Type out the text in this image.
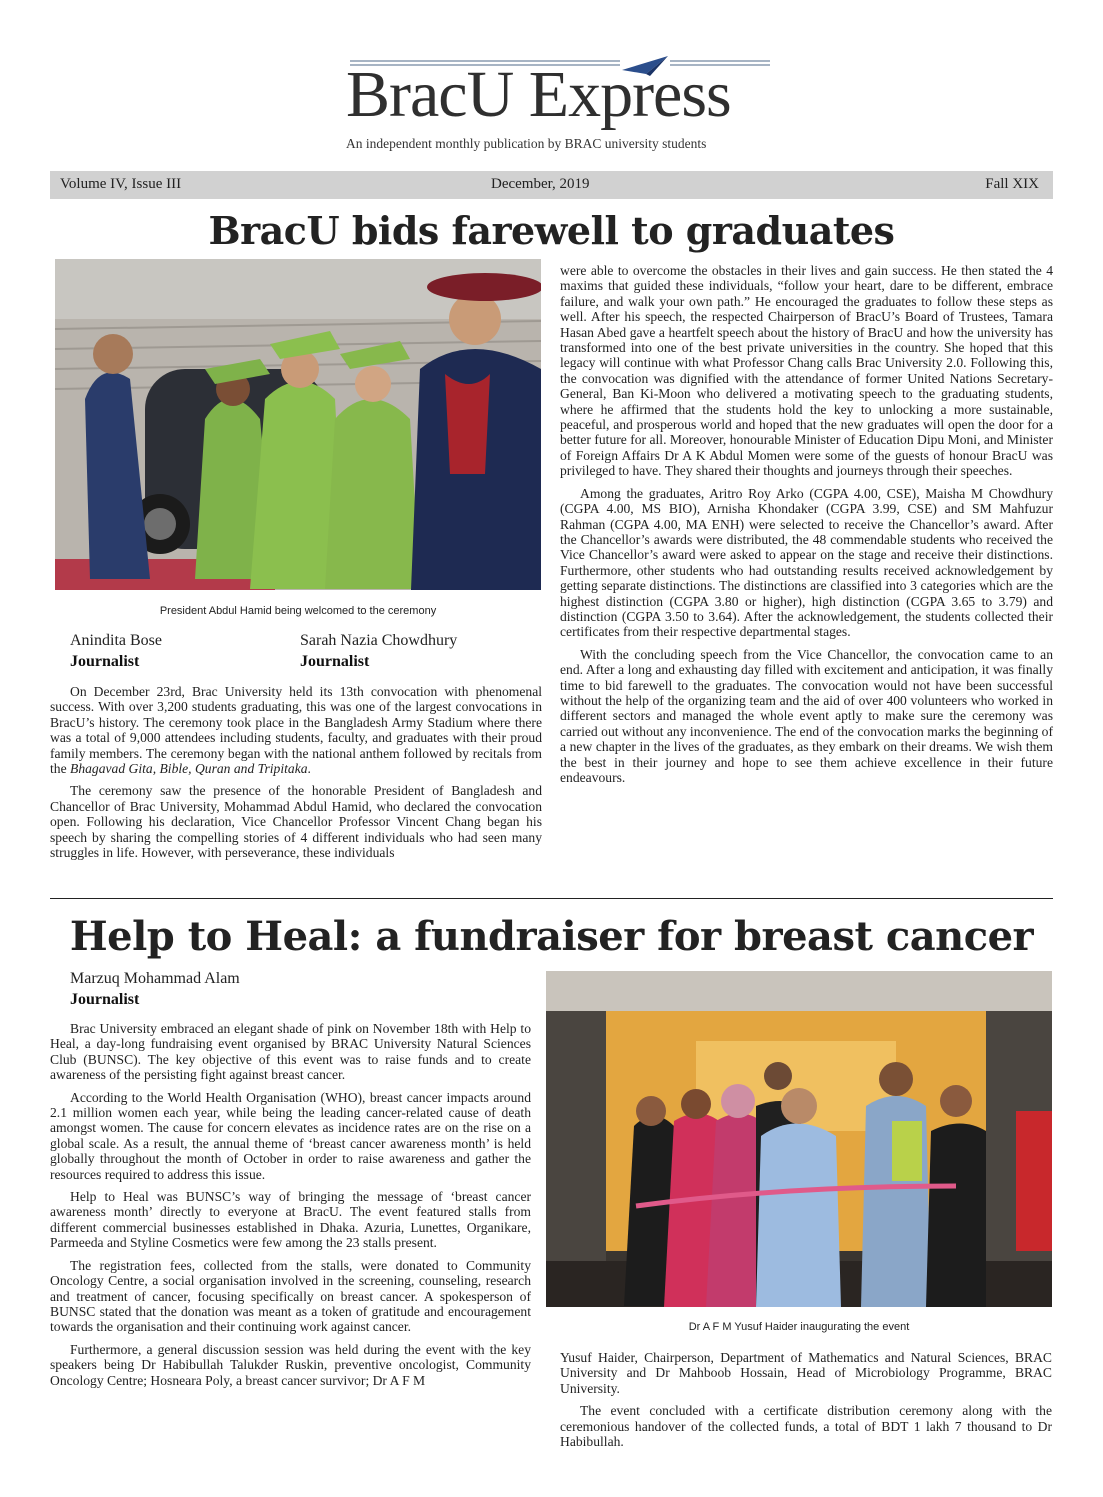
BracU Express
An independent monthly publication by BRAC university students
Volume IV, Issue III	December, 2019	Fall XIX
BracU bids farewell to graduates
President Abdul Hamid being welcomed to the ceremony
Anindita Bose
Journalist
Sarah Nazia Chowdhury
Journalist

On December 23rd, Brac University held its 13th convocation with phenomenal success. With over 3,200 students graduating, this was one of the largest convocations in BracU’s history. The ceremony took place in the Bangladesh Army Stadium where there was a total of 9,000 attendees including students, faculty, and graduates with their proud family members. The ceremony began with the national anthem followed by recitals from the Bhagavad Gita, Bible, Quran and Tripitaka.

The ceremony saw the presence of the honorable President of Bangladesh and Chancellor of Brac University, Mohammad Abdul Hamid, who declared the convocation open. Following his declaration, Vice Chancellor Professor Vincent Chang began his speech by sharing the compelling stories of 4 different individuals who had seen many struggles in life. However, with perseverance, these individuals

were able to overcome the obstacles in their lives and gain success. He then stated the 4 maxims that guided these individuals, “follow your heart, dare to be different, embrace failure, and walk your own path.” He encouraged the graduates to follow these steps as well. After his speech, the respected Chairperson of BracU’s Board of Trustees, Tamara Hasan Abed gave a heartfelt speech about the history of BracU and how the university has transformed into one of the best private universities in the country. She hoped that this legacy will continue with what Professor Chang calls Brac University 2.0. Following this, the convocation was dignified with the attendance of former United Nations Secretary-General, Ban Ki-Moon who delivered a motivating speech to the graduating students, where he affirmed that the students hold the key to unlocking a more sustainable, peaceful, and prosperous world and hoped that the new graduates will open the door for a better future for all. Moreover, honourable Minister of Education Dipu Moni, and Minister of Foreign Affairs Dr A K Abdul Momen were some of the guests of honour BracU was privileged to have. They shared their thoughts and journeys through their speeches.

Among the graduates, Aritro Roy Arko (CGPA 4.00, CSE), Maisha M Chowdhury (CGPA 4.00, MS BIO), Arnisha Khondaker (CGPA 3.99, CSE) and SM Mahfuzur Rahman (CGPA 4.00, MA ENH) were selected to receive the Chancellor’s award. After the Chancellor’s awards were distributed, the 48 commendable students who received the Vice Chancellor’s award were asked to appear on the stage and receive their distinctions. Furthermore, other students who had outstanding results received acknowledgement by getting separate distinctions. The distinctions are classified into 3 categories which are the highest distinction (CGPA 3.80 or higher), high distinction (CGPA 3.65 to 3.79) and distinction (CGPA 3.50 to 3.64). After the acknowledgement, the students collected their certificates from their respective departmental stages.

With the concluding speech from the Vice Chancellor, the convocation came to an end. After a long and exhausting day filled with excitement and anticipation, it was finally time to bid farewell to the graduates. The convocation would not have been successful without the help of the organizing team and the aid of over 400 volunteers who worked in different sectors and managed the whole event aptly to make sure the ceremony was carried out without any inconvenience. The end of the convocation marks the beginning of a new chapter in the lives of the graduates, as they embark on their dreams. We wish them the best in their journey and hope to see them achieve excellence in their future endeavours.

Help to Heal: a fundraiser for breast cancer
Marzuq Mohammad Alam
Journalist

Brac University embraced an elegant shade of pink on November 18th with Help to Heal, a day-long fundraising event organised by BRAC University Natural Sciences Club (BUNSC). The key objective of this event was to raise funds and to create awareness of the persisting fight against breast cancer.

According to the World Health Organisation (WHO), breast cancer impacts around 2.1 million women each year, while being the leading cancer-related cause of death amongst women. The cause for concern elevates as incidence rates are on the rise on a global scale. As a result, the annual theme of ‘breast cancer awareness month’ is held globally throughout the month of October in order to raise awareness and gather the resources required to address this issue.

Help to Heal was BUNSC’s way of bringing the message of ‘breast cancer awareness month’ directly to everyone at BracU. The event featured stalls from different commercial businesses established in Dhaka. Azuria, Lunettes, Organikare, Parmeeda and Styline Cosmetics were few among the 23 stalls present.

The registration fees, collected from the stalls, were donated to Community Oncology Centre, a social organisation involved in the screening, counseling, research and treatment of cancer, focusing specifically on breast cancer. A spokesperson of BUNSC stated that the donation was meant as a token of gratitude and encouragement towards the organisation and their continuing work against cancer.

Furthermore, a general discussion session was held during the event with the key speakers being Dr Habibullah Talukder Ruskin, preventive oncologist, Community Oncology Centre; Hosneara Poly, a breast cancer survivor; Dr A F M

Dr A F M Yusuf Haider inaugurating the event

Yusuf Haider, Chairperson, Department of Mathematics and Natural Sciences, BRAC University and Dr Mahboob Hossain, Head of Microbiology Programme, BRAC University.

The event concluded with a certificate distribution ceremony along with the ceremonious handover of the collected funds, a total of BDT 1 lakh 7 thousand to Dr Habibullah.
